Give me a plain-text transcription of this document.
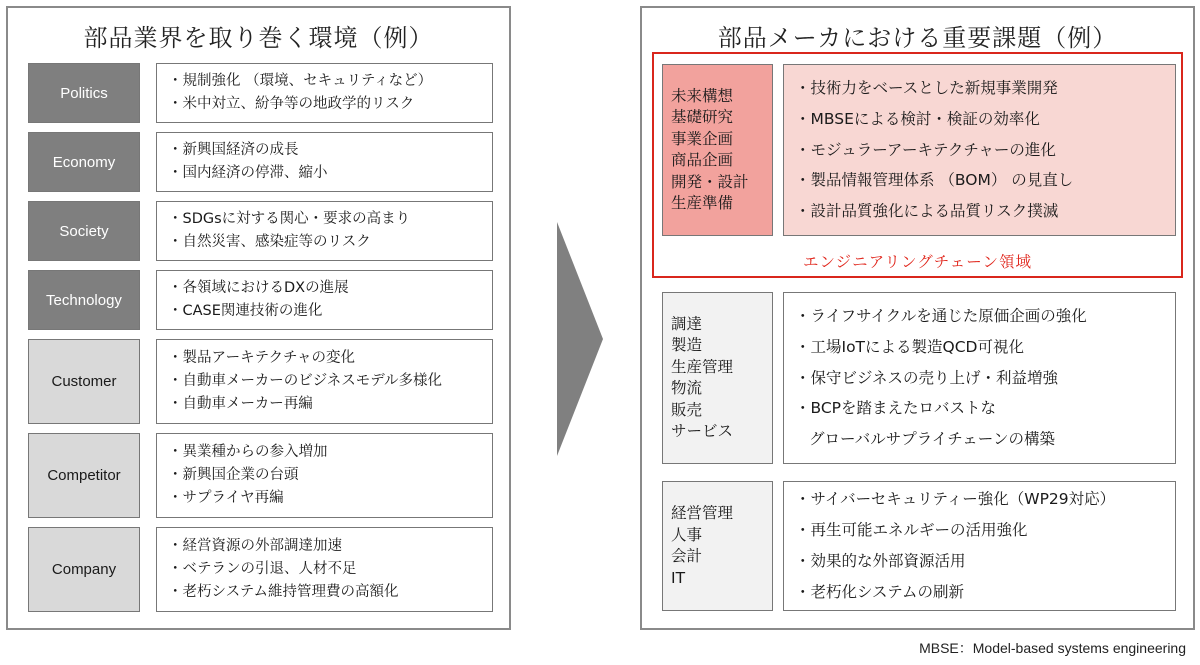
部品業界を取り巻く環境（例）
Politics
・規制強化 （環境、セキュリティなど）
・米中対立、紛争等の地政学的リスク
Economy
・新興国経済の成長
・国内経済の停滞、縮小
Society
・SDGsに対する関心・要求の高まり
・自然災害、感染症等のリスク
Technology
・各領域におけるDXの進展
・CASE関連技術の進化
Customer
・製品アーキテクチャの変化
・自動車メーカーのビジネスモデル多様化
・自動車メーカー再編
Competitor
・異業種からの参入増加
・新興国企業の台頭
・サプライヤ再編
Company
・経営資源の外部調達加速
・ベテランの引退、人材不足
・老朽システム維持管理費の高額化
部品メーカにおける重要課題（例）
未来構想
基礎研究
事業企画
商品企画
開発・設計
生産準備
・技術力をベースとした新規事業開発
・MBSEによる検討・検証の効率化
・モジュラーアーキテクチャーの進化
・製品情報管理体系 （BOM） の見直し
・設計品質強化による品質リスク撲滅
エンジニアリングチェーン領域
調達
製造
生産管理
物流
販売
サービス
・ライフサイクルを通じた原価企画の強化
・工場IoTによる製造QCD可視化
・保守ビジネスの売り上げ・利益増強
・BCPを踏まえたロバストな
グローバルサプライチェーンの構築
経営管理
人事
会計
IT
・サイバーセキュリティー強化（WP29対応）
・再生可能エネルギーの活用強化
・効果的な外部資源活用
・老朽化システムの刷新
MBSE：Model-based systems engineering
